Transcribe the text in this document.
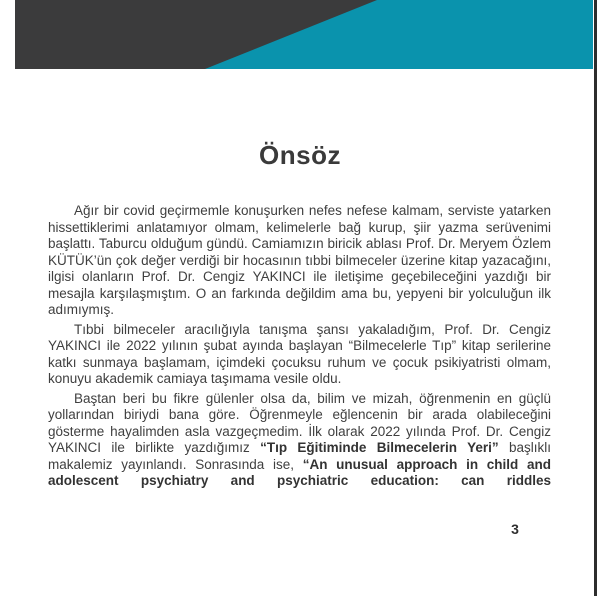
Önsöz

Ağır bir covid geçirmemle konuşurken nefes nefese kalmam, serviste yatarken hissettiklerimi anlatamıyor olmam, kelimelerle bağ kurup, şiir yazma serüvenimi başlattı. Taburcu olduğum gündü. Camiamızın biricik ablası Prof. Dr. Meryem Özlem KÜTÜK’ün çok değer verdiği bir hocasının tıbbi bilmeceler üzerine kitap yazacağını, ilgisi olanların Prof. Dr. Cengiz YAKINCI ile iletişime geçebileceğini yazdığı bir mesajla karşılaşmıştım. O an farkında değildim ama bu, yepyeni bir yolculuğun ilk adımıymış.

Tıbbi bilmeceler aracılığıyla tanışma şansı yakaladığım, Prof. Dr. Cengiz YAKINCI ile 2022 yılının şubat ayında başlayan “Bilmecelerle Tıp” kitap serilerine katkı sunmaya başlamam, içimdeki çocuksu ruhum ve çocuk psikiyatristi olmam, konuyu akademik camiaya taşımama vesile oldu.

Baştan beri bu fikre gülenler olsa da, bilim ve mizah, öğrenmenin en güçlü yollarından biriydi bana göre. Öğrenmeyle eğlencenin bir arada olabileceğini gösterme hayalimden asla vazgeçmedim. İlk olarak 2022 yılında Prof. Dr. Cengiz YAKINCI ile birlikte yazdığımız “Tıp Eğitiminde Bilmecelerin Yeri” başlıklı makalemiz yayınlandı. Sonrasında ise, “An unusual approach in child and adolescent psychiatry and psychiatric education: can riddles

3
